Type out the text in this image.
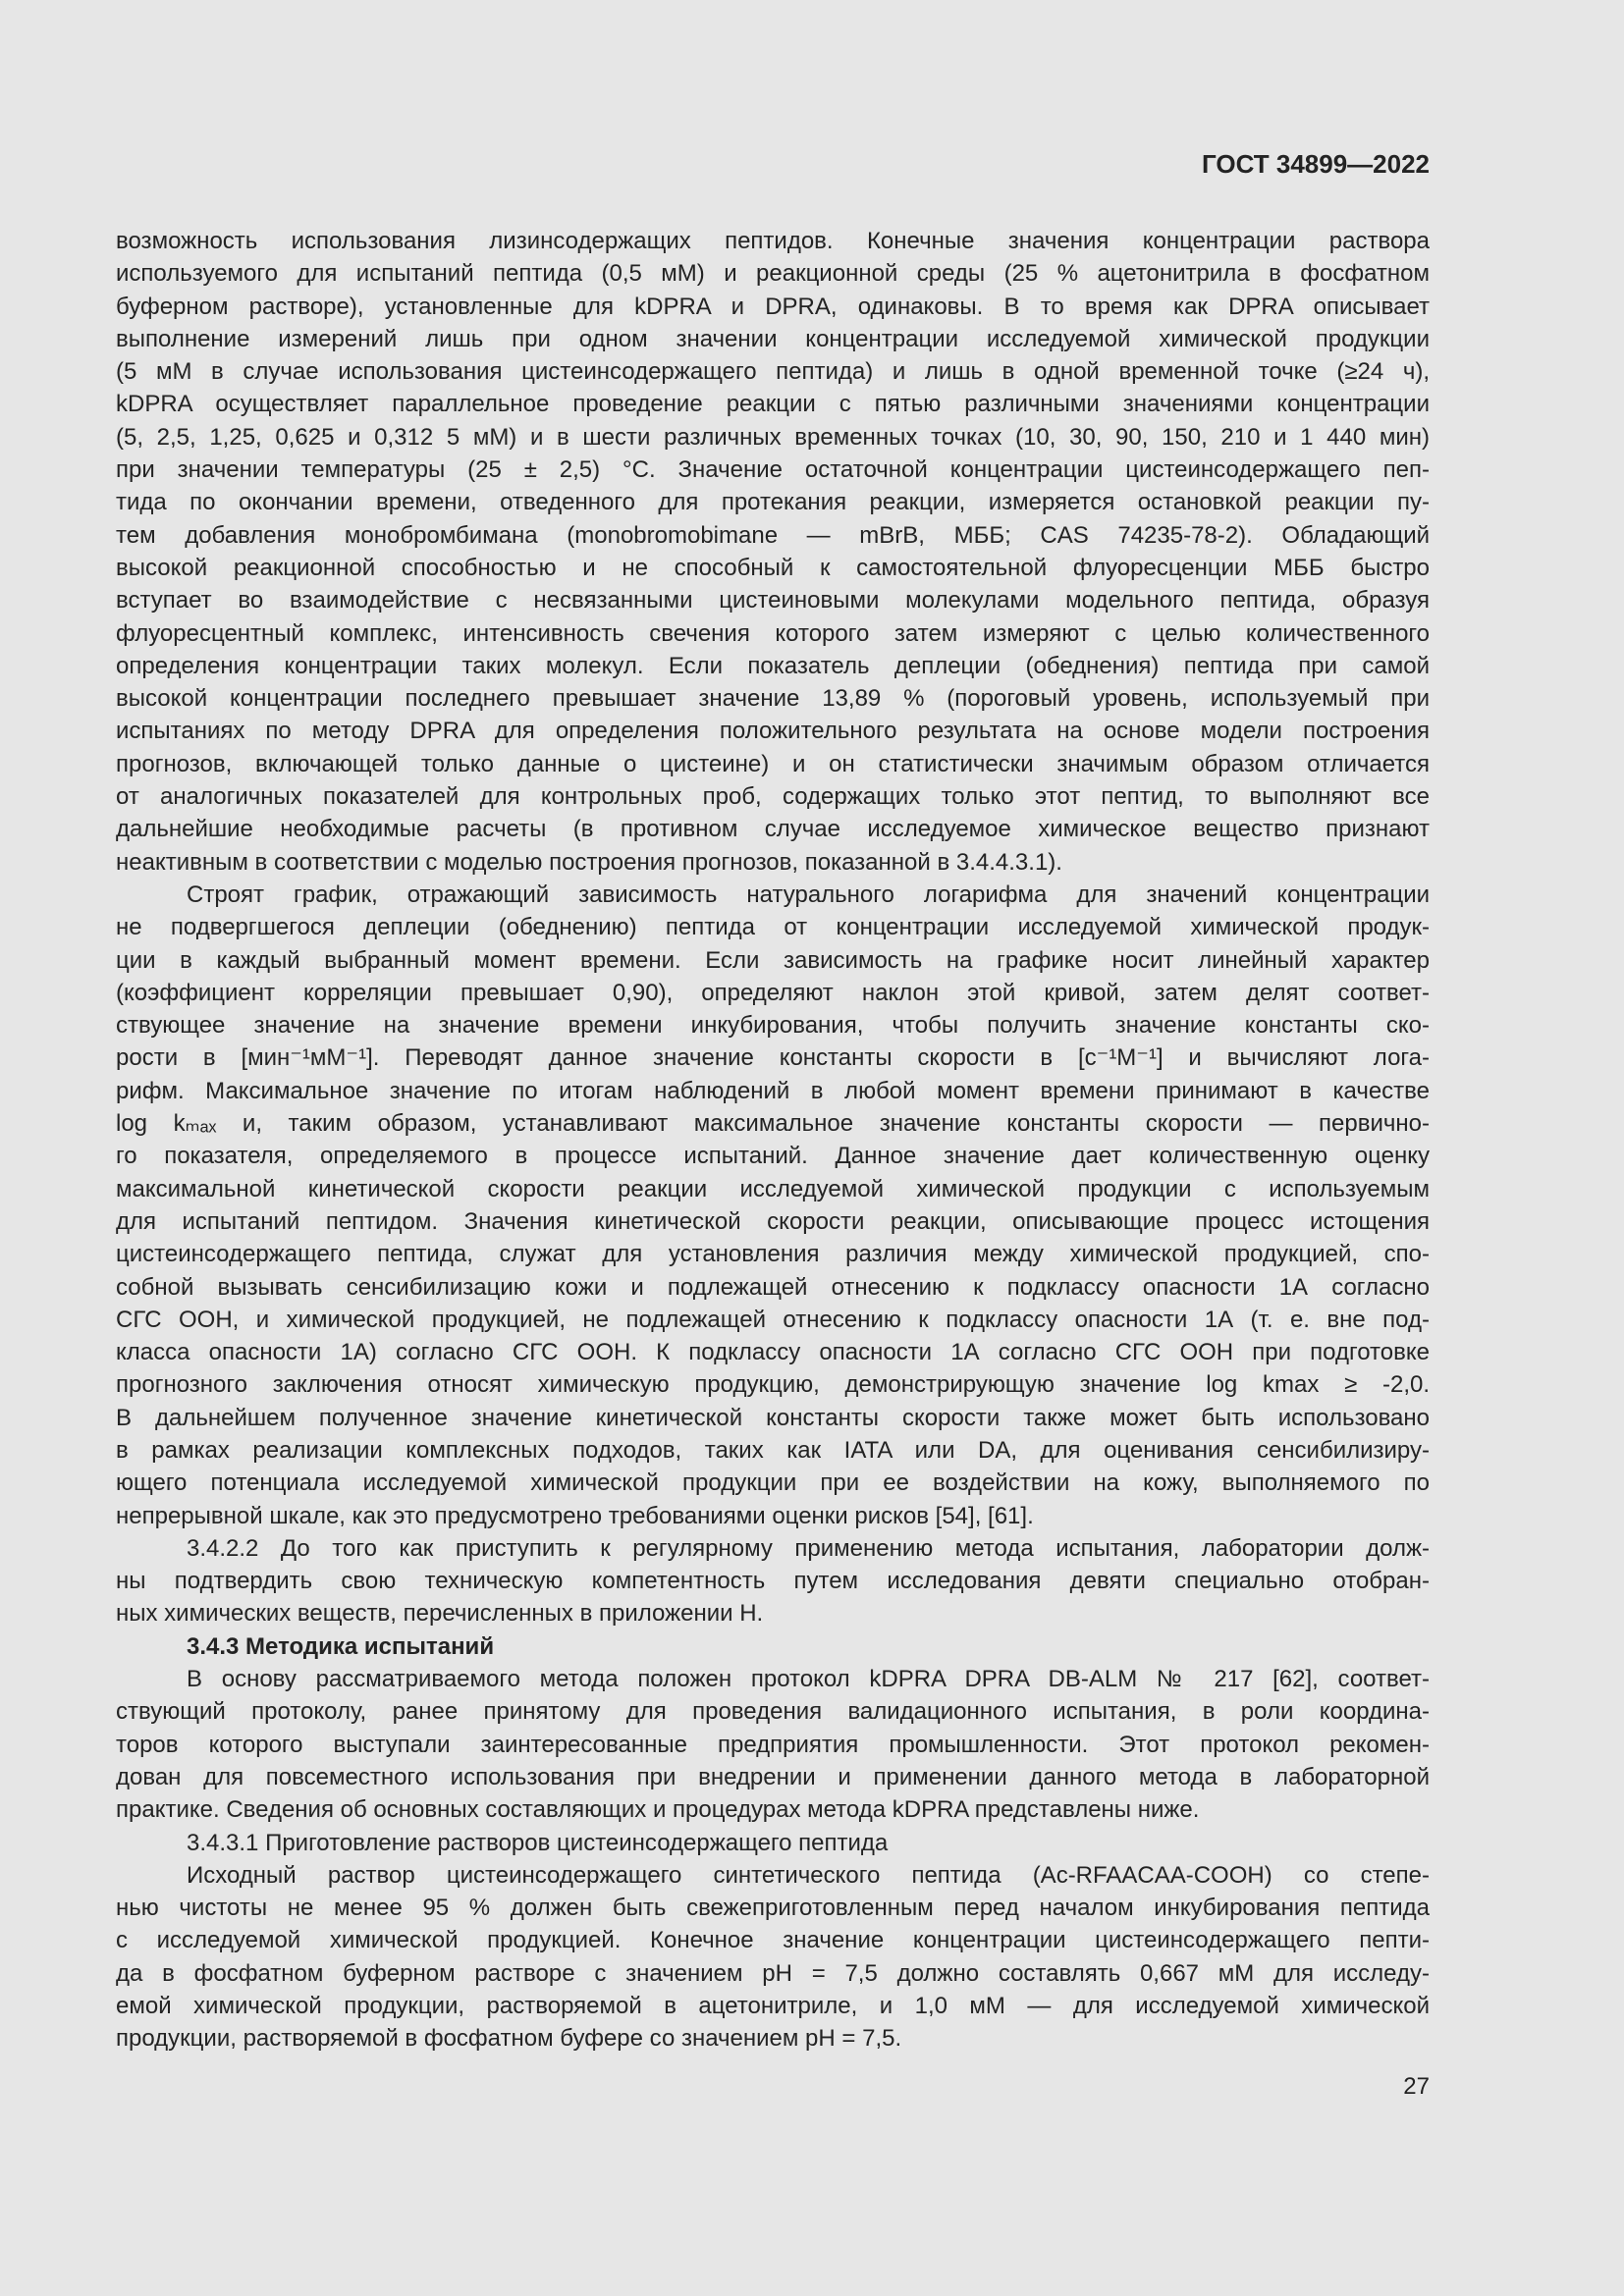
ГОСТ 34899—2022
возможность использования лизинсодержащих пептидов. Конечные значения концентрации раствора
используемого для испытаний пептида (0,5 мМ) и реакционной среды (25 % ацетонитрила в фосфатном
буферном растворе), установленные для kDPRA и DPRA, одинаковы. В то время как DPRA описывает
выполнение измерений лишь при одном значении концентрации исследуемой химической продукции
(5 мМ в случае использования цистеинсодержащего пептида) и лишь в одной временной точке (≥24 ч),
kDPRA осуществляет параллельное проведение реакции с пятью различными значениями концентрации
(5, 2,5, 1,25, 0,625 и 0,312 5 мМ) и в шести различных временных точках (10, 30, 90, 150, 210 и 1 440 мин)
при значении температуры (25 ± 2,5) °С. Значение остаточной концентрации цистеинсодержащего пеп-
тида по окончании времени, отведенного для протекания реакции, измеряется остановкой реакции пу-
тем добавления монобромбимана (monobromobimane — mBrB, МББ; CAS 74235-78-2). Обладающий
высокой реакционной способностью и не способный к самостоятельной флуоресценции МББ быстро
вступает во взаимодействие с несвязанными цистеиновыми молекулами модельного пептида, образуя
флуоресцентный комплекс, интенсивность свечения которого затем измеряют с целью количественного
определения концентрации таких молекул. Если показатель деплеции (обеднения) пептида при самой
высокой концентрации последнего превышает значение 13,89 % (пороговый уровень, используемый при
испытаниях по методу DPRA для определения положительного результата на основе модели построения
прогнозов, включающей только данные о цистеине) и он статистически значимым образом отличается
от аналогичных показателей для контрольных проб, содержащих только этот пептид, то выполняют все
дальнейшие необходимые расчеты (в противном случае исследуемое химическое вещество признают
неактивным в соответствии с моделью построения прогнозов, показанной в 3.4.4.3.1).
Строят график, отражающий зависимость натурального логарифма для значений концентрации
не подвергшегося деплеции (обеднению) пептида от концентрации исследуемой химической продук-
ции в каждый выбранный момент времени. Если зависимость на графике носит линейный характер
(коэффициент корреляции превышает 0,90), определяют наклон этой кривой, затем делят соответ-
ствующее значение на значение времени инкубирования, чтобы получить значение константы ско-
рости в [мин⁻¹мМ⁻¹]. Переводят данное значение константы скорости в [с⁻¹М⁻¹] и вычисляют лога-
рифм. Максимальное значение по итогам наблюдений в любой момент времени принимают в качестве
log kₘₐₓ и, таким образом, устанавливают максимальное значение константы скорости — первично-
го показателя, определяемого в процессе испытаний. Данное значение дает количественную оценку
максимальной кинетической скорости реакции исследуемой химической продукции с используемым
для испытаний пептидом. Значения кинетической скорости реакции, описывающие процесс истощения
цистеинсодержащего пептида, служат для установления различия между химической продукцией, спо-
собной вызывать сенсибилизацию кожи и подлежащей отнесению к подклассу опасности 1А согласно
СГС ООН, и химической продукцией, не подлежащей отнесению к подклассу опасности 1А (т. е. вне под-
класса опасности 1А) согласно СГС ООН. К подклассу опасности 1А согласно СГС ООН при подготовке
прогнозного заключения относят химическую продукцию, демонстрирующую значение log kmax ≥ -2,0.
В дальнейшем полученное значение кинетической константы скорости также может быть использовано
в рамках реализации комплексных подходов, таких как IATA или DA, для оценивания сенсибилизиру-
ющего потенциала исследуемой химической продукции при ее воздействии на кожу, выполняемого по
непрерывной шкале, как это предусмотрено требованиями оценки рисков [54], [61].
3.4.2.2 До того как приступить к регулярному применению метода испытания, лаборатории долж-
ны подтвердить свою техническую компетентность путем исследования девяти специально отобран-
ных химических веществ, перечисленных в приложении Н.
3.4.3 Методика испытаний
В основу рассматриваемого метода положен протокол kDPRA DPRA DB-ALM № 217 [62], соответ-
ствующий протоколу, ранее принятому для проведения валидационного испытания, в роли координа-
торов которого выступали заинтересованные предприятия промышленности. Этот протокол рекомен-
дован для повсеместного использования при внедрении и применении данного метода в лабораторной
практике. Сведения об основных составляющих и процедурах метода kDPRA представлены ниже.
3.4.3.1 Приготовление растворов цистеинсодержащего пептида
Исходный раствор цистеинсодержащего синтетического пептида (Ac-RFAACAA-COOH) со степе-
нью чистоты не менее 95 % должен быть свежеприготовленным перед началом инкубирования пептида
с исследуемой химической продукцией. Конечное значение концентрации цистеинсодержащего пепти-
да в фосфатном буферном растворе с значением pH = 7,5 должно составлять 0,667 мМ для исследу-
емой химической продукции, растворяемой в ацетонитриле, и 1,0 мМ — для исследуемой химической
продукции, растворяемой в фосфатном буфере со значением pH = 7,5.
27
